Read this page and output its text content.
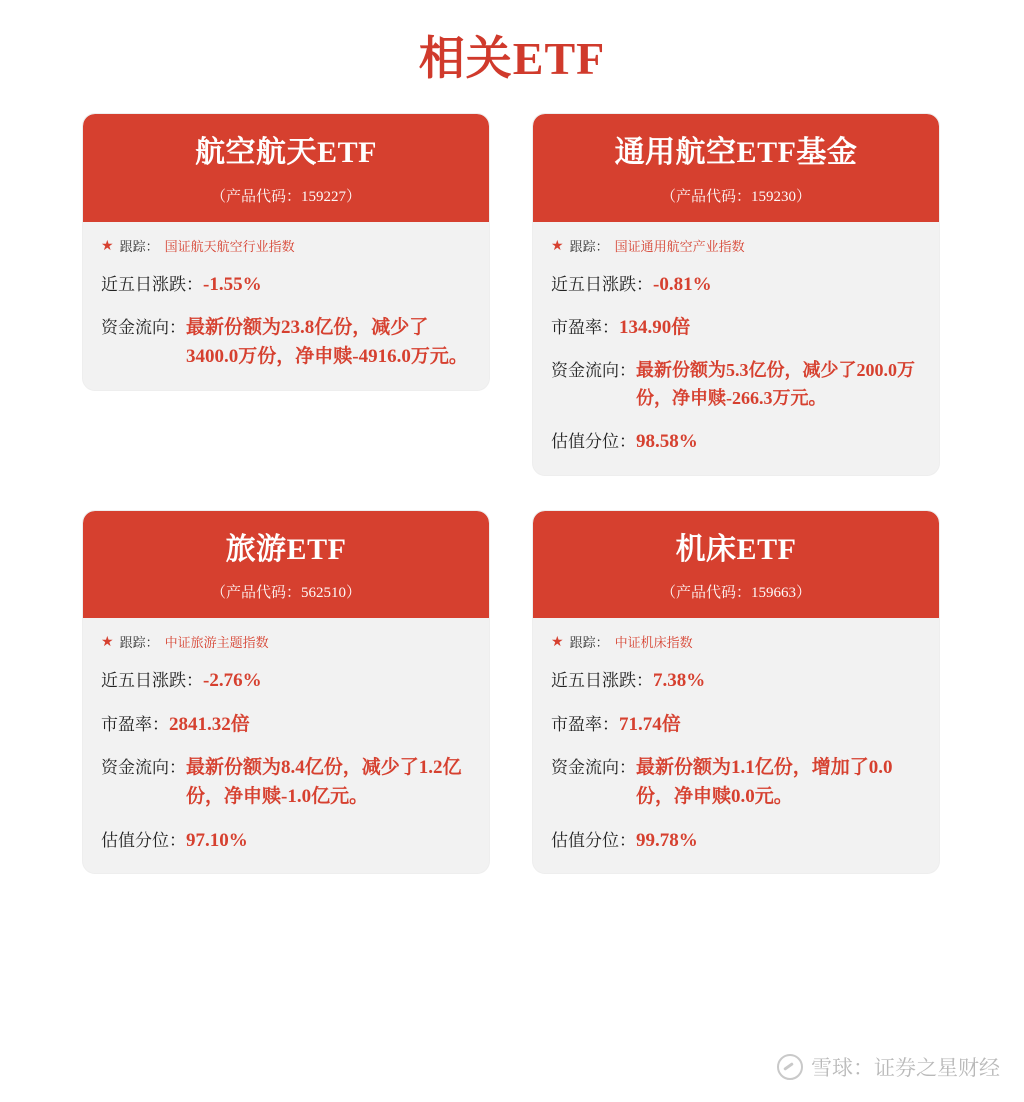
相关ETF
航空航天ETF
（产品代码：159227）
★ 跟踪： 国证航天航空行业指数
近五日涨跌： -1.55%
资金流向： 最新份额为23.8亿份，减少了3400.0万份，净申赎-4916.0万元。
通用航空ETF基金
（产品代码：159230）
★ 跟踪： 国证通用航空产业指数
近五日涨跌： -0.81%
市盈率： 134.90倍
资金流向： 最新份额为5.3亿份，减少了200.0万份，净申赎-266.3万元。
估值分位： 98.58%
旅游ETF
（产品代码：562510）
★ 跟踪： 中证旅游主题指数
近五日涨跌： -2.76%
市盈率： 2841.32倍
资金流向： 最新份额为8.4亿份，减少了1.2亿份，净申赎-1.0亿元。
估值分位： 97.10%
机床ETF
（产品代码：159663）
★ 跟踪： 中证机床指数
近五日涨跌： 7.38%
市盈率： 71.74倍
资金流向： 最新份额为1.1亿份，增加了0.0份，净申赎0.0元。
估值分位： 99.78%
雪球：证券之星财经
